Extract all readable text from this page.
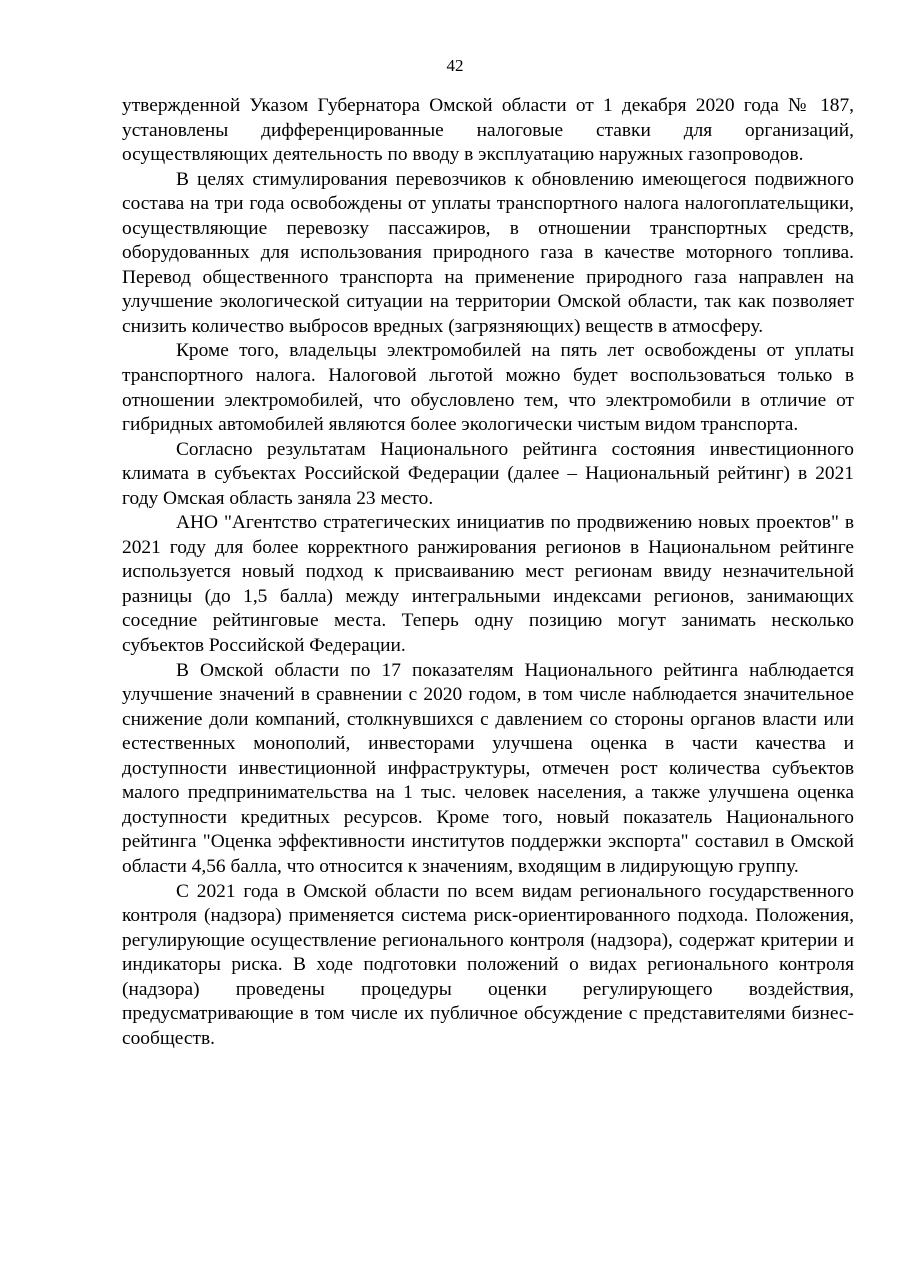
42

утвержденной Указом Губернатора Омской области от 1 декабря 2020 года № 187, установлены дифференцированные налоговые ставки для организаций, осуществляющих деятельность по вводу в эксплуатацию наружных газопроводов.

В целях стимулирования перевозчиков к обновлению имеющегося подвижного состава на три года освобождены от уплаты транспортного налога налогоплательщики, осуществляющие перевозку пассажиров, в отношении транспортных средств, оборудованных для использования природного газа в качестве моторного топлива. Перевод общественного транспорта на применение природного газа направлен на улучшение экологической ситуации на территории Омской области, так как позволяет снизить количество выбросов вредных (загрязняющих) веществ в атмосферу.

Кроме того, владельцы электромобилей на пять лет освобождены от уплаты транспортного налога. Налоговой льготой можно будет воспользоваться только в отношении электромобилей, что обусловлено тем, что электромобили в отличие от гибридных автомобилей являются более экологически чистым видом транспорта.

Согласно результатам Национального рейтинга состояния инвестиционного климата в субъектах Российской Федерации (далее – Национальный рейтинг) в 2021 году Омская область заняла 23 место.

АНО "Агентство стратегических инициатив по продвижению новых проектов" в 2021 году для более корректного ранжирования регионов в Национальном рейтинге используется новый подход к присваиванию мест регионам ввиду незначительной разницы (до 1,5 балла) между интегральными индексами регионов, занимающих соседние рейтинговые места. Теперь одну позицию могут занимать несколько субъектов Российской Федерации.

В Омской области по 17 показателям Национального рейтинга наблюдается улучшение значений в сравнении с 2020 годом, в том числе наблюдается значительное снижение доли компаний, столкнувшихся с давлением со стороны органов власти или естественных монополий, инвесторами улучшена оценка в части качества и доступности инвестиционной инфраструктуры, отмечен рост количества субъектов малого предпринимательства на 1 тыс. человек населения, а также улучшена оценка доступности кредитных ресурсов. Кроме того, новый показатель Национального рейтинга "Оценка эффективности институтов поддержки экспорта" составил в Омской области 4,56 балла, что относится к значениям, входящим в лидирующую группу.

С 2021 года в Омской области по всем видам регионального государственного контроля (надзора) применяется система риск-ориентированного подхода. Положения, регулирующие осуществление регионального контроля (надзора), содержат критерии и индикаторы риска. В ходе подготовки положений о видах регионального контроля (надзора) проведены процедуры оценки регулирующего воздействия, предусматривающие в том числе их публичное обсуждение с представителями бизнес-сообществ.
